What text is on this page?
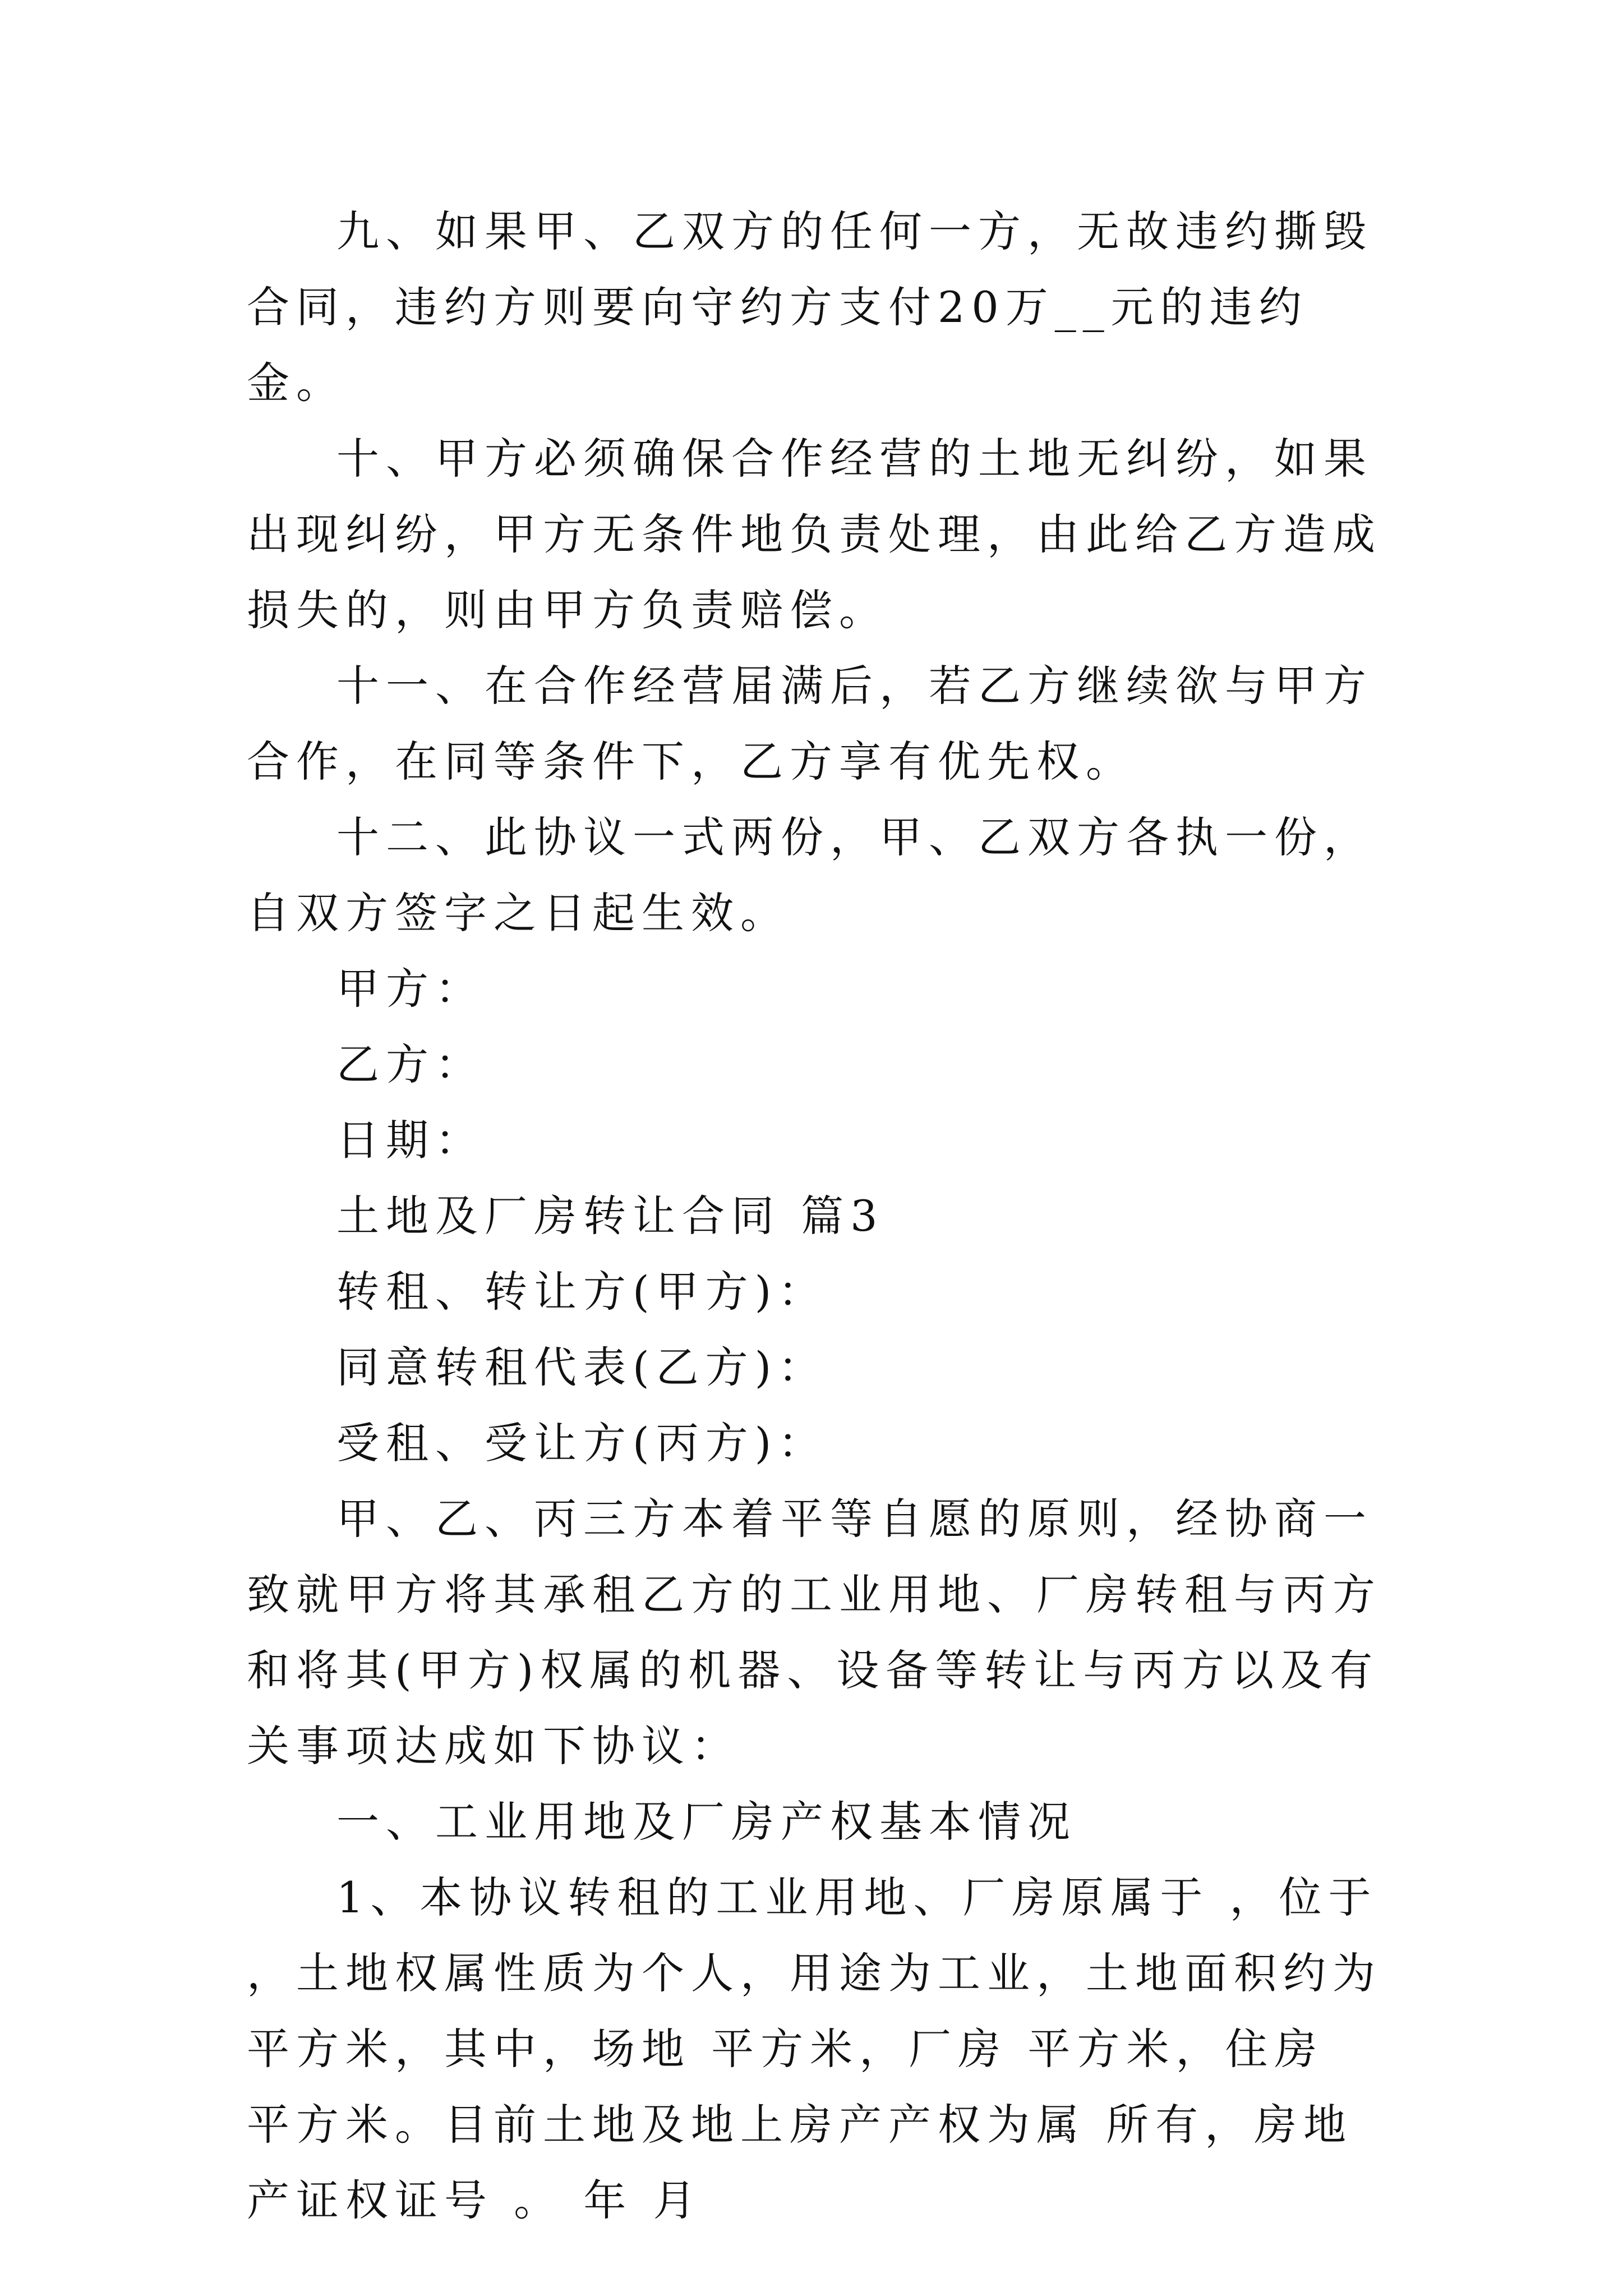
九、如果甲、乙双方的任何一方，无故违约撕毁合同，违约方则要向守约方支付20万__元的违约金。

十、甲方必须确保合作经营的土地无纠纷，如果出现纠纷，甲方无条件地负责处理，由此给乙方造成损失的，则由甲方负责赔偿。

十一、在合作经营届满后，若乙方继续欲与甲方合作，在同等条件下，乙方享有优先权。

十二、此协议一式两份，甲、乙双方各执一份，自双方签字之日起生效。

甲方：

乙方：

日期：

土地及厂房转让合同 篇3

转租、转让方(甲方)：

同意转租代表(乙方)：

受租、受让方(丙方)：

甲、乙、丙三方本着平等自愿的原则，经协商一致就甲方将其承租乙方的工业用地、厂房转租与丙方和将其(甲方)权属的机器、设备等转让与丙方以及有关事项达成如下协议：

一、工业用地及厂房产权基本情况

1、本协议转租的工业用地、厂房原属于 ，位于 ，土地权属性质为个人，用途为工业，土地面积约为 平方米，其中，场地 平方米，厂房 平方米，住房 平方米。目前土地及地上房产产权为属 所有，房地产证权证号 。 年 月
